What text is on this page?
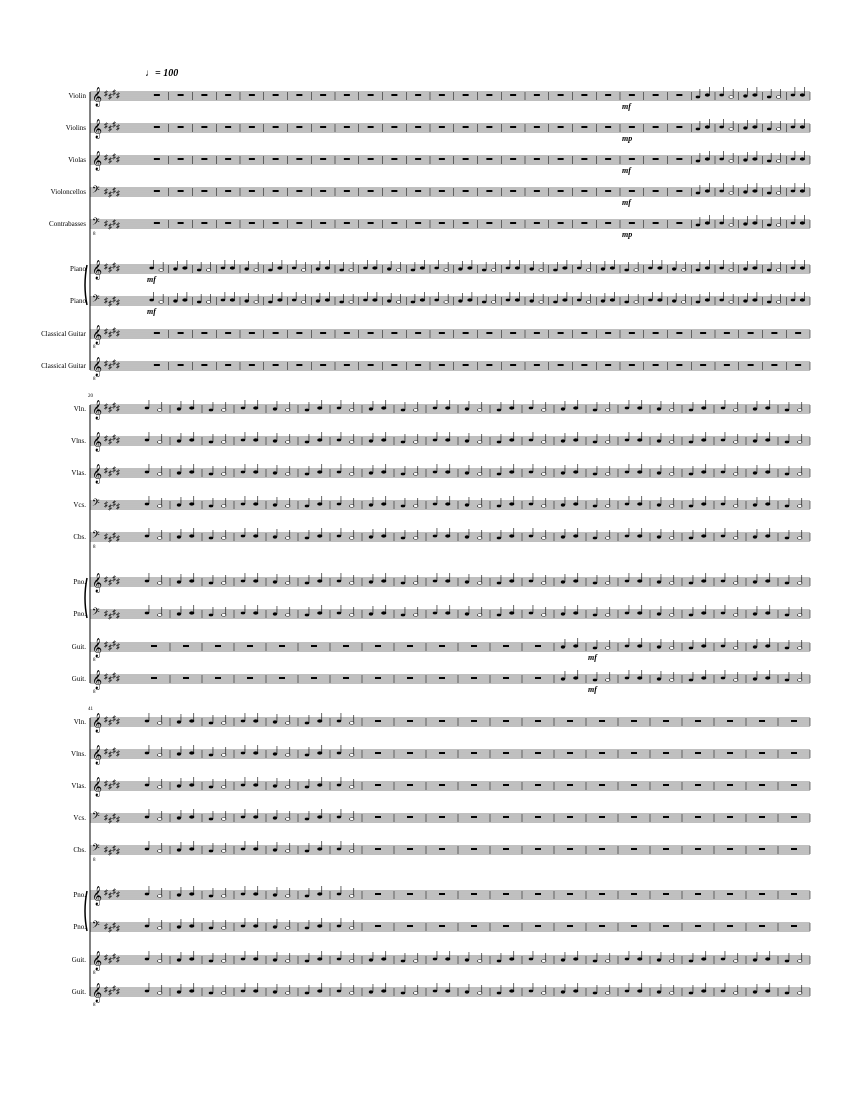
♩= 100
Violin 𝄞 ♯ ♯ ♯ ♯
Violins 𝄞 ♯ ♯ ♯ ♯
Violas 𝄞 ♯ ♯ ♯ ♯
Violoncellos 𝄢 ♯ ♯ ♯ ♯
Contrabasses 𝄢
8
♯ ♯ ♯ ♯
Piano 𝄞 ♯ ♯ ♯ ♯
Piano 𝄢 ♯ ♯ ♯ ♯
Classical Guitar 𝄞
8
♯ ♯ ♯ ♯
Classical Guitar 𝄞
8
♯ ♯ ♯ ♯
mf
mp
mf
mf
mp
mf
mf
20
Vln. 𝄞 ♯ ♯ ♯ ♯
Vlns. 𝄞 ♯ ♯ ♯ ♯
Vlas. 𝄞 ♯ ♯ ♯ ♯
Vcs. 𝄢 ♯ ♯ ♯ ♯
Cbs. 𝄢
8
♯ ♯ ♯ ♯
Pno. 𝄞 ♯ ♯ ♯ ♯
Pno. 𝄢 ♯ ♯ ♯ ♯
Guit. 𝄞
8
♯ ♯ ♯ ♯
Guit. 𝄞
8
♯ ♯ ♯ ♯
mf
mf
41
Vln. 𝄞 ♯ ♯ ♯ ♯
Vlns. 𝄞 ♯ ♯ ♯ ♯
Vlas. 𝄞 ♯ ♯ ♯ ♯
Vcs. 𝄢 ♯ ♯ ♯ ♯
Cbs. 𝄢
8
♯ ♯ ♯ ♯
Pno. 𝄞 ♯ ♯ ♯ ♯
Pno. 𝄢 ♯ ♯ ♯ ♯
Guit. 𝄞
8
♯ ♯ ♯ ♯
Guit. 𝄞
8
♯ ♯ ♯ ♯
